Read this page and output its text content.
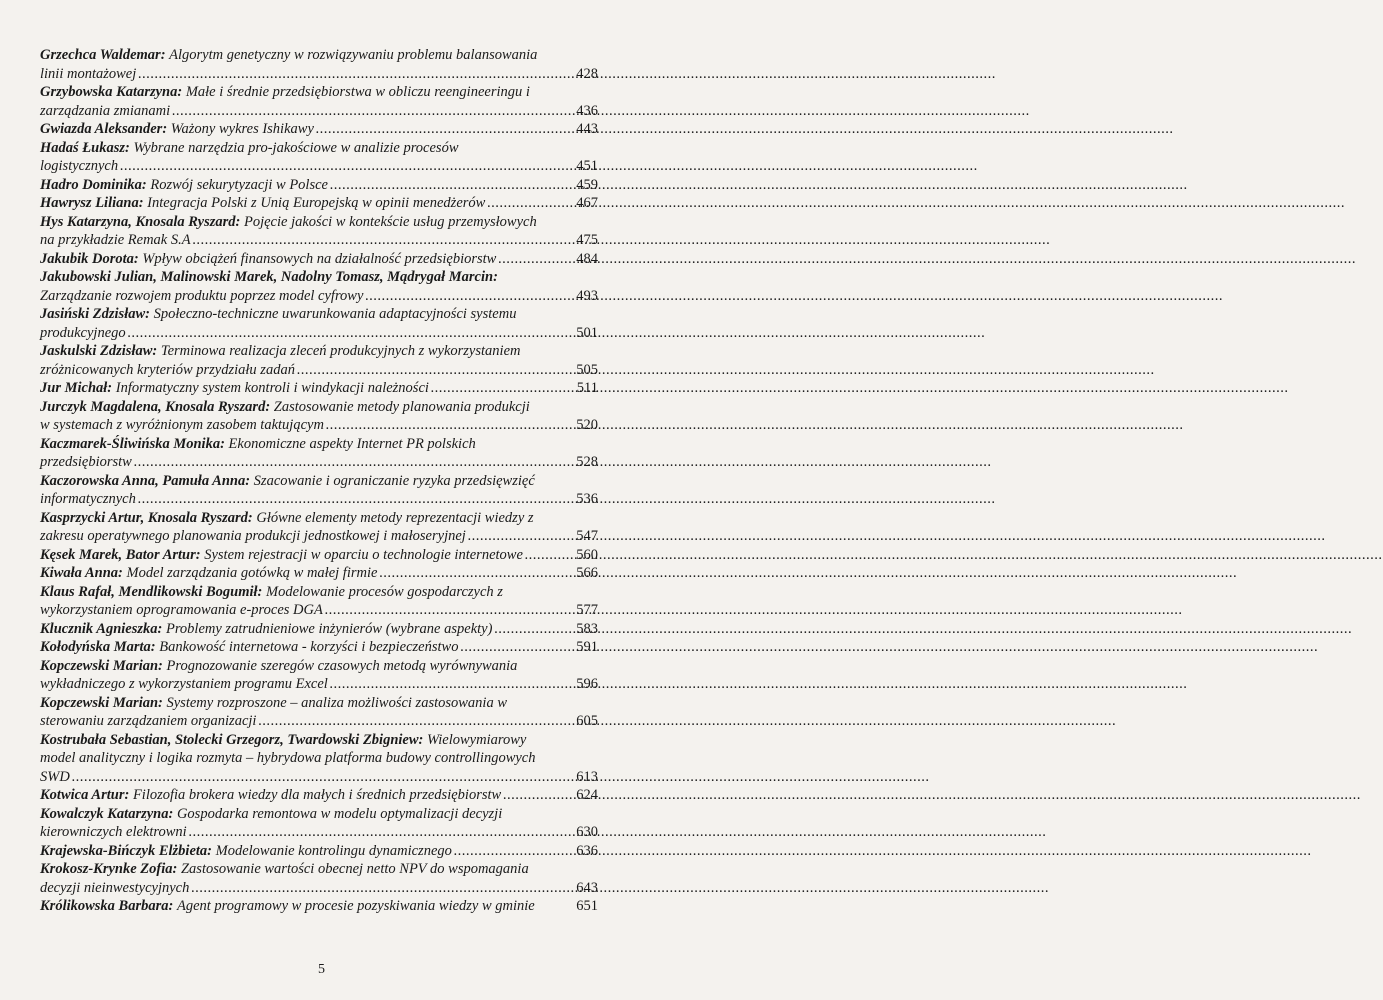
Grzechca Waldemar:
Algorytm genetyczny w rozwiązywaniu problemu balansowania
linii montażowej .....	428
Grzybowska Katarzyna:
Małe i średnie przedsiębiorstwa w obliczu reengineeringu i
zarządzania zmianami .....	436
Gwiazda Aleksander:
Ważony wykres Ishikawy .....	443
Hadaś Łukasz:
Wybrane narzędzia pro-jakościowe w analizie procesów
logistycznych .....	451
Hadro Dominika:
Rozwój sekurytyzacji w Polsce .....	459
Hawrysz Liliana:
Integracja Polski z Unią Europejską w opinii menedżerów .....	467
Hys Katarzyna, Knosala Ryszard:
Pojęcie jakości w kontekście usług przemysłowych
na przykładzie Remak S.A .....	475
Jakubik Dorota:
Wpływ obciążeń finansowych na działalność przedsiębiorstw .....	484
Jakubowski Julian, Malinowski Marek, Nadolny Tomasz, Mądrygał Marcin:
Zarządzanie rozwojem produktu poprzez model cyfrowy .....	493
Jasiński Zdzisław:
Społeczno-techniczne uwarunkowania adaptacyjności systemu
produkcyjnego .....	501
Jaskulski Zdzisław:
Terminowa realizacja zleceń produkcyjnych z wykorzystaniem
zróżnicowanych kryteriów przydziału zadań .....	505
Jur Michał:
Informatyczny system kontroli i windykacji należności .....	511
Jurczyk Magdalena, Knosala Ryszard:
Zastosowanie metody planowania produkcji
w systemach z wyróżnionym zasobem taktującym .....	520
Kaczmarek-Śliwińska Monika:
Ekonomiczne aspekty Internet PR polskich
przedsiębiorstw .....	528
Kaczorowska Anna, Pamuła Anna:
Szacowanie i ograniczanie ryzyka przedsięwzięć
informatycznych .....	536
Kasprzycki Artur, Knosala Ryszard:
Główne elementy metody reprezentacji wiedzy z
zakresu operatywnego planowania produkcji jednostkowej i małoseryjnej .....	547
Kęsek Marek, Bator Artur:
System rejestracji w oparciu o technologie internetowe .....	560
Kiwała Anna:
Model zarządzania gotówką w małej firmie .....	566
Klaus Rafał, Mendlikowski Bogumił:
Modelowanie procesów gospodarczych z
wykorzystaniem oprogramowania e-proces DGA .....	577
Klucznik Agnieszka:
Problemy zatrudnieniowe inżynierów (wybrane aspekty) .....	583
Kołodyńska Marta:
Bankowość internetowa - korzyści i bezpieczeństwo .....	591
Kopczewski Marian:
Prognozowanie szeregów czasowych metodą wyrównywania
wykładniczego z wykorzystaniem programu Excel .....	596
Kopczewski Marian:
Systemy rozproszone – analiza możliwości zastosowania w
sterowaniu zarządzaniem organizacji .....	605
Kostrubała Sebastian, Stolecki Grzegorz, Twardowski Zbigniew:
Wielowymiarowy
model analityczny i logika rozmyta – hybrydowa platforma budowy controllingowych
SWD .....	613
Kotwica Artur:
Filozofia brokera wiedzy dla małych i średnich przedsiębiorstw .....	624
Kowalczyk Katarzyna:
Gospodarka remontowa w modelu optymalizacji decyzji
kierowniczych elektrowni .....	630
Krajewska-Bińczyk Elżbieta:
Modelowanie kontrolingu dynamicznego .....	636
Krokosz-Krynke Zofia:
Zastosowanie wartości obecnej netto NPV do wspomagania
decyzji nieinwestycyjnych .....	643
Królikowska Barbara:
Agent programowy w procesie pozyskiwania wiedzy w gminie	651
5
